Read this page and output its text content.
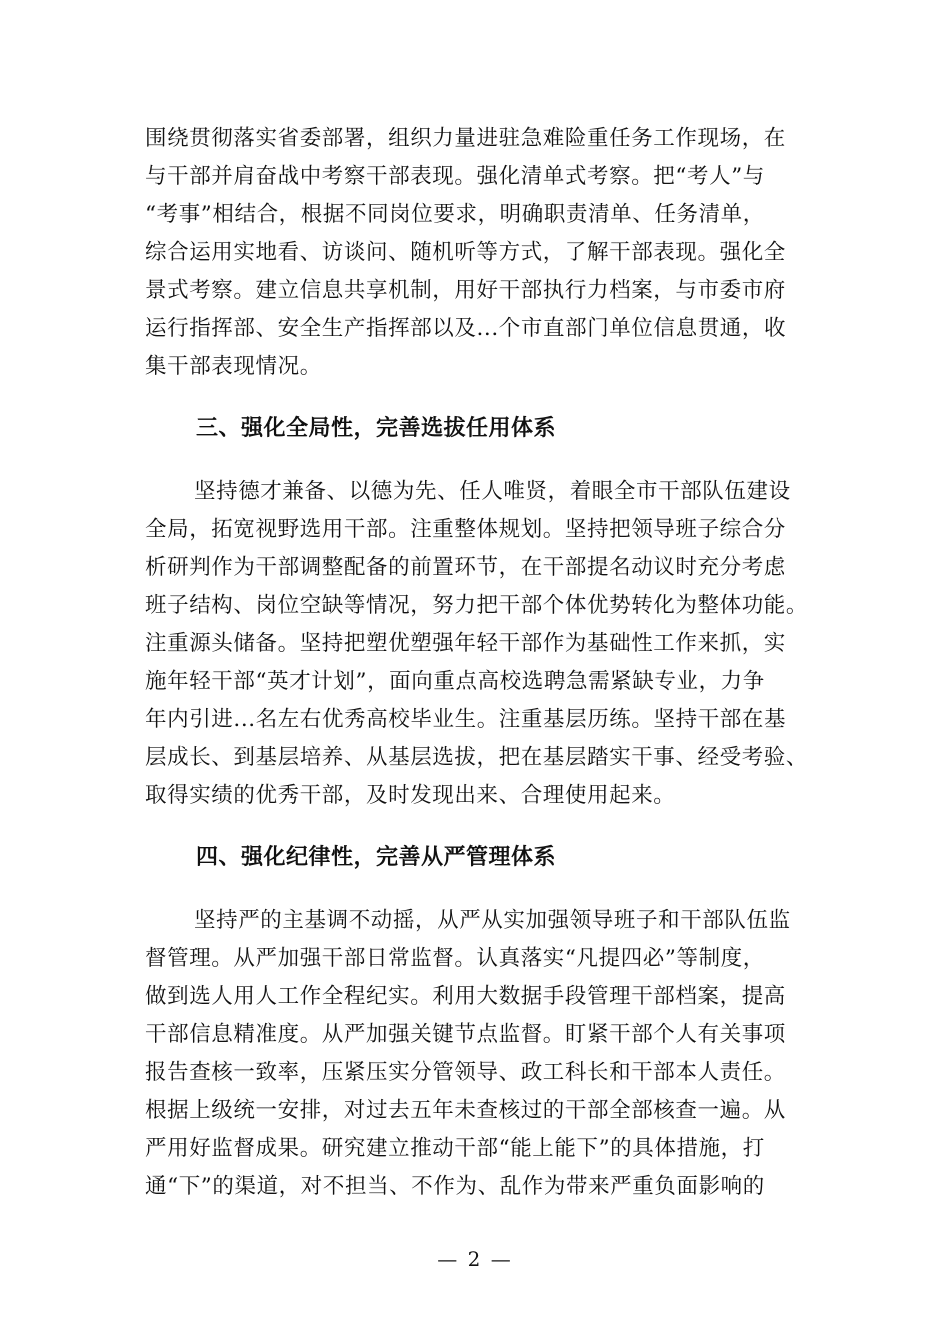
围绕贯彻落实省委部署，组织力量进驻急难险重任务工作现场，在
与干部并肩奋战中考察干部表现。强化清单式考察。把“考人”与
“考事”相结合，根据不同岗位要求，明确职责清单、任务清单，
综合运用实地看、访谈问、随机听等方式，了解干部表现。强化全
景式考察。建立信息共享机制，用好干部执行力档案，与市委市府
运行指挥部、安全生产指挥部以及...个市直部门单位信息贯通，收
集干部表现情况。
三、强化全局性，完善选拔任用体系
坚持德才兼备、以德为先、任人唯贤，着眼全市干部队伍建设
全局，拓宽视野选用干部。注重整体规划。坚持把领导班子综合分
析研判作为干部调整配备的前置环节，在干部提名动议时充分考虑
班子结构、岗位空缺等情况，努力把干部个体优势转化为整体功能。
注重源头储备。坚持把塑优塑强年轻干部作为基础性工作来抓，实
施年轻干部“英才计划”，面向重点高校选聘急需紧缺专业，力争
年内引进...名左右优秀高校毕业生。注重基层历练。坚持干部在基
层成长、到基层培养、从基层选拔，把在基层踏实干事、经受考验、
取得实绩的优秀干部，及时发现出来、合理使用起来。
四、强化纪律性，完善从严管理体系
坚持严的主基调不动摇，从严从实加强领导班子和干部队伍监
督管理。从严加强干部日常监督。认真落实“凡提四必”等制度，
做到选人用人工作全程纪实。利用大数据手段管理干部档案，提高
干部信息精准度。从严加强关键节点监督。盯紧干部个人有关事项
报告查核一致率，压紧压实分管领导、政工科长和干部本人责任。
根据上级统一安排，对过去五年未查核过的干部全部核查一遍。从
严用好监督成果。研究建立推动干部“能上能下”的具体措施，打
通“下”的渠道，对不担当、不作为、乱作为带来严重负面影响的
— 2 —
